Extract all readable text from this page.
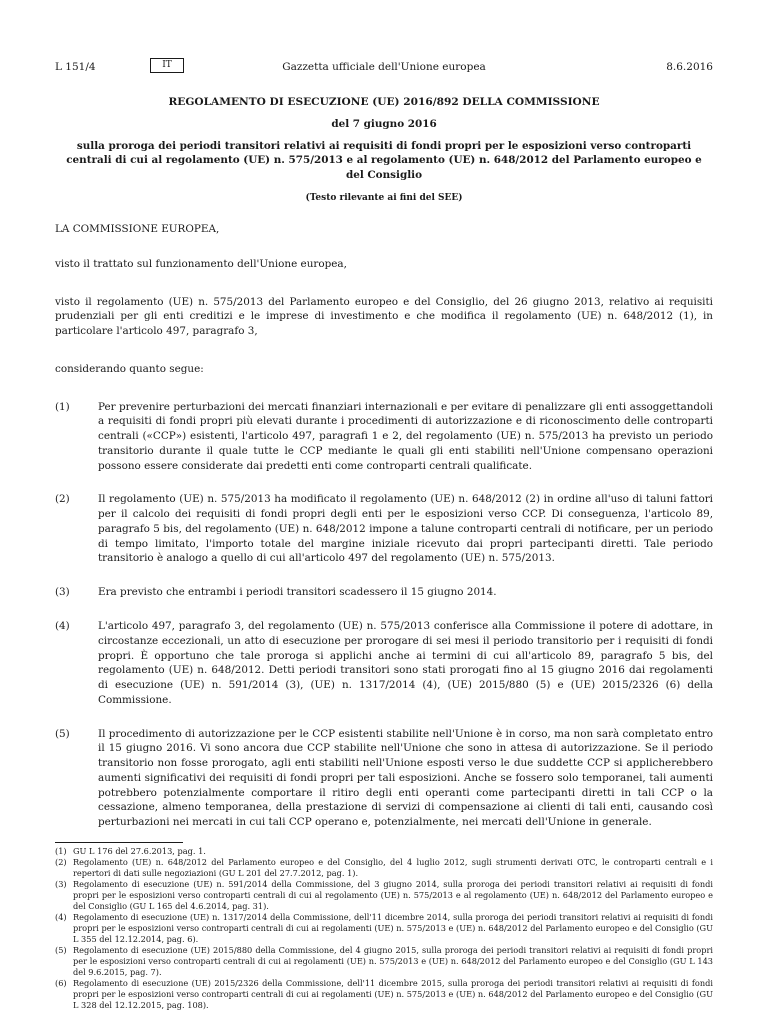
L 151/4	IT	Gazzetta ufficiale dell'Unione europea	8.6.2016
REGOLAMENTO DI ESECUZIONE (UE) 2016/892 DELLA COMMISSIONE
del 7 giugno 2016
sulla proroga dei periodi transitori relativi ai requisiti di fondi propri per le esposizioni verso controparti centrali di cui al regolamento (UE) n. 575/2013 e al regolamento (UE) n. 648/2012 del Parlamento europeo e del Consiglio
(Testo rilevante ai fini del SEE)

LA COMMISSIONE EUROPEA,

visto il trattato sul funzionamento dell'Unione europea,

visto il regolamento (UE) n. 575/2013 del Parlamento europeo e del Consiglio, del 26 giugno 2013, relativo ai requisiti prudenziali per gli enti creditizi e le imprese di investimento e che modifica il regolamento (UE) n. 648/2012 (1), in particolare l'articolo 497, paragrafo 3,

considerando quanto segue:

(1)	Per prevenire perturbazioni dei mercati finanziari internazionali e per evitare di penalizzare gli enti assoggettandoli a requisiti di fondi propri più elevati durante i procedimenti di autorizzazione e di riconoscimento delle controparti centrali («CCP») esistenti, l'articolo 497, paragrafi 1 e 2, del regolamento (UE) n. 575/2013 ha previsto un periodo transitorio durante il quale tutte le CCP mediante le quali gli enti stabiliti nell'Unione compensano operazioni possono essere considerate dai predetti enti come controparti centrali qualificate.
(2)	Il regolamento (UE) n. 575/2013 ha modificato il regolamento (UE) n. 648/2012 (2) in ordine all'uso di taluni fattori per il calcolo dei requisiti di fondi propri degli enti per le esposizioni verso CCP. Di conseguenza, l'articolo 89, paragrafo 5 bis, del regolamento (UE) n. 648/2012 impone a talune controparti centrali di notificare, per un periodo di tempo limitato, l'importo totale del margine iniziale ricevuto dai propri partecipanti diretti. Tale periodo transitorio è analogo a quello di cui all'articolo 497 del regolamento (UE) n. 575/2013.
(3)	Era previsto che entrambi i periodi transitori scadessero il 15 giugno 2014.
(4)	L'articolo 497, paragrafo 3, del regolamento (UE) n. 575/2013 conferisce alla Commissione il potere di adottare, in circostanze eccezionali, un atto di esecuzione per prorogare di sei mesi il periodo transitorio per i requisiti di fondi propri. È opportuno che tale proroga si applichi anche ai termini di cui all'articolo 89, paragrafo 5 bis, del regolamento (UE) n. 648/2012. Detti periodi transitori sono stati prorogati fino al 15 giugno 2016 dai regolamenti di esecuzione (UE) n. 591/2014 (3), (UE) n. 1317/2014 (4), (UE) 2015/880 (5) e (UE) 2015/2326 (6) della Commissione.
(5)	Il procedimento di autorizzazione per le CCP esistenti stabilite nell'Unione è in corso, ma non sarà completato entro il 15 giugno 2016. Vi sono ancora due CCP stabilite nell'Unione che sono in attesa di autorizzazione. Se il periodo transitorio non fosse prorogato, agli enti stabiliti nell'Unione esposti verso le due suddette CCP si applicherebbero aumenti significativi dei requisiti di fondi propri per tali esposizioni. Anche se fossero solo temporanei, tali aumenti potrebbero potenzialmente comportare il ritiro degli enti operanti come partecipanti diretti in tali CCP o la cessazione, almeno temporanea, della prestazione di servizi di compensazione ai clienti di tali enti, causando così perturbazioni nei mercati in cui tali CCP operano e, potenzialmente, nei mercati dell'Unione in generale.
(1) GU L 176 del 27.6.2013, pag. 1.
(2) Regolamento (UE) n. 648/2012 del Parlamento europeo e del Consiglio, del 4 luglio 2012, sugli strumenti derivati OTC, le controparti centrali e i repertori di dati sulle negoziazioni (GU L 201 del 27.7.2012, pag. 1).
(3) Regolamento di esecuzione (UE) n. 591/2014 della Commissione, del 3 giugno 2014, sulla proroga dei periodi transitori relativi ai requisiti di fondi propri per le esposizioni verso controparti centrali di cui al regolamento (UE) n. 575/2013 e al regolamento (UE) n. 648/2012 del Parlamento europeo e del Consiglio (GU L 165 del 4.6.2014, pag. 31).
(4) Regolamento di esecuzione (UE) n. 1317/2014 della Commissione, dell'11 dicembre 2014, sulla proroga dei periodi transitori relativi ai requisiti di fondi propri per le esposizioni verso controparti centrali di cui ai regolamenti (UE) n. 575/2013 e (UE) n. 648/2012 del Parlamento europeo e del Consiglio (GU L 355 del 12.12.2014, pag. 6).
(5) Regolamento di esecuzione (UE) 2015/880 della Commissione, del 4 giugno 2015, sulla proroga dei periodi transitori relativi ai requisiti di fondi propri per le esposizioni verso controparti centrali di cui ai regolamenti (UE) n. 575/2013 e (UE) n. 648/2012 del Parlamento europeo e del Consiglio (GU L 143 del 9.6.2015, pag. 7).
(6) Regolamento di esecuzione (UE) 2015/2326 della Commissione, dell'11 dicembre 2015, sulla proroga dei periodi transitori relativi ai requisiti di fondi propri per le esposizioni verso controparti centrali di cui ai regolamenti (UE) n. 575/2013 e (UE) n. 648/2012 del Parlamento europeo e del Consiglio (GU L 328 del 12.12.2015, pag. 108).
